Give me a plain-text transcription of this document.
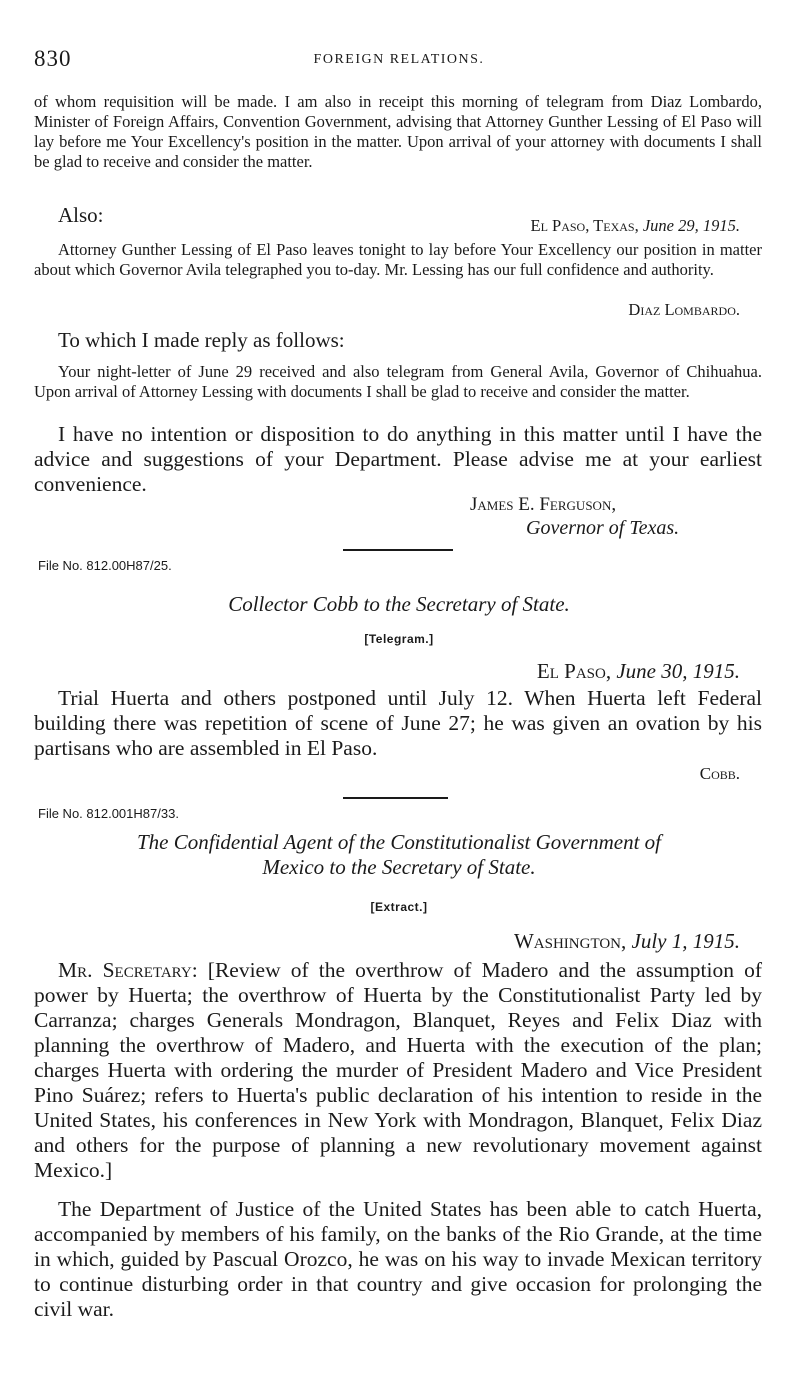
830	FOREIGN RELATIONS.
of whom requisition will be made. I am also in receipt this morning of telegram from Diaz Lombardo, Minister of Foreign Affairs, Convention Government, advising that Attorney Gunther Lessing of El Paso will lay before me Your Excellency's position in the matter. Upon arrival of your attorney with documents I shall be glad to receive and consider the matter.
Also:	El Paso, Texas, June 29, 1915.
Attorney Gunther Lessing of El Paso leaves tonight to lay before Your Excellency our position in matter about which Governor Avila telegraphed you to-day. Mr. Lessing has our full confidence and authority.
Diaz Lombardo.
To which I made reply as follows:
Your night-letter of June 29 received and also telegram from General Avila, Governor of Chihuahua. Upon arrival of Attorney Lessing with documents I shall be glad to receive and consider the matter.
I have no intention or disposition to do anything in this matter until I have the advice and suggestions of your Department. Please advise me at your earliest convenience.
James E. Ferguson,
Governor of Texas.
File No. 812.00H87/25.
Collector Cobb to the Secretary of State.
[Telegram.]
El Paso, June 30, 1915.
Trial Huerta and others postponed until July 12. When Huerta left Federal building there was repetition of scene of June 27; he was given an ovation by his partisans who are assembled in El Paso.
Cobb.
File No. 812.001H87/33.
The Confidential Agent of the Constitutionalist Government of
Mexico to the Secretary of State.
[Extract.]
Washington, July 1, 1915.
Mr. Secretary: [Review of the overthrow of Madero and the assumption of power by Huerta; the overthrow of Huerta by the Constitutionalist Party led by Carranza; charges Generals Mondragon, Blanquet, Reyes and Felix Diaz with planning the overthrow of Madero, and Huerta with the execution of the plan; charges Huerta with ordering the murder of President Madero and Vice President Pino Suárez; refers to Huerta's public declaration of his intention to reside in the United States, his conferences in New York with Mondragon, Blanquet, Felix Diaz and others for the purpose of planning a new revolutionary movement against Mexico.]
The Department of Justice of the United States has been able to catch Huerta, accompanied by members of his family, on the banks of the Rio Grande, at the time in which, guided by Pascual Orozco, he was on his way to invade Mexican territory to continue disturbing order in that country and give occasion for prolonging the civil war.
